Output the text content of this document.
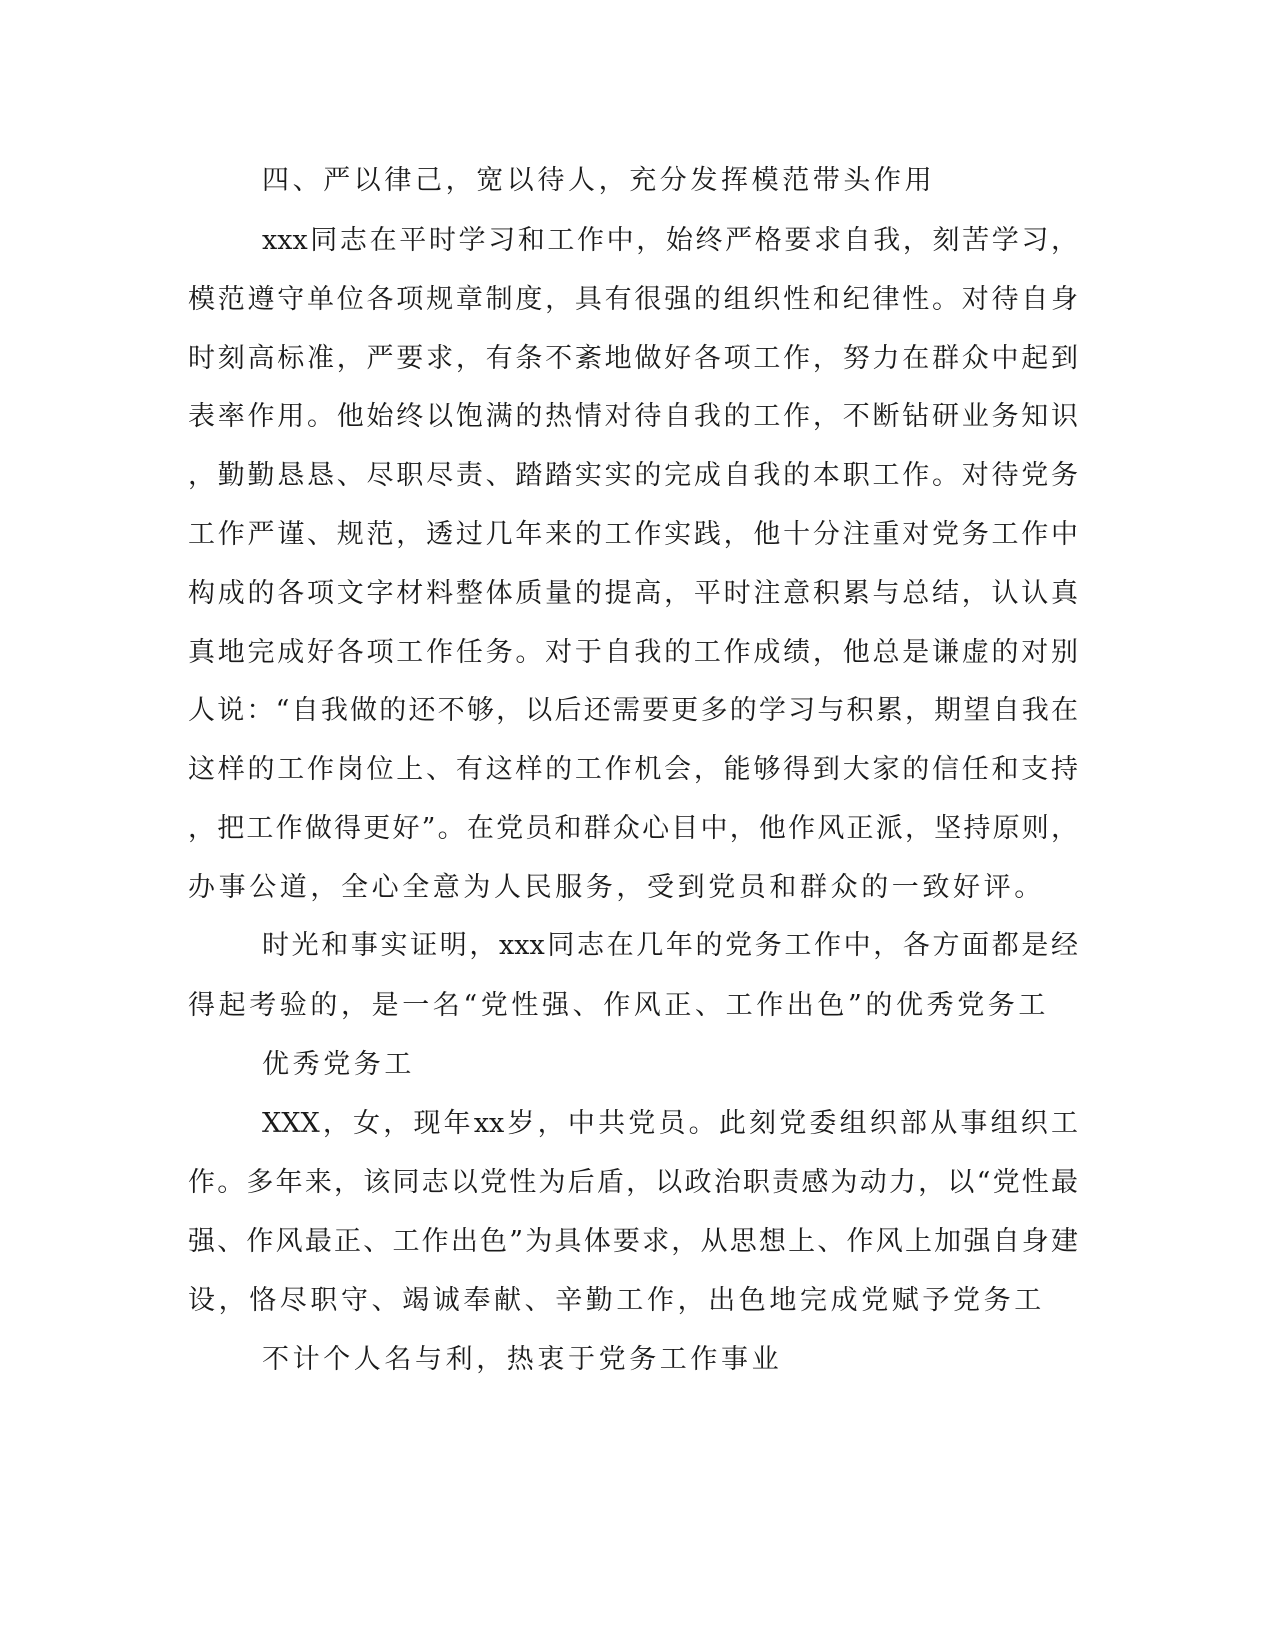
四、严以律己，宽以待人，充分发挥模范带头作用
xxx同志在平时学习和工作中，始终严格要求自我，刻苦学习，
模范遵守单位各项规章制度，具有很强的组织性和纪律性。对待自身
时刻高标准，严要求，有条不紊地做好各项工作，努力在群众中起到
表率作用。他始终以饱满的热情对待自我的工作，不断钻研业务知识
，勤勤恳恳、尽职尽责、踏踏实实的完成自我的本职工作。对待党务
工作严谨、规范，透过几年来的工作实践，他十分注重对党务工作中
构成的各项文字材料整体质量的提高，平时注意积累与总结，认认真
真地完成好各项工作任务。对于自我的工作成绩，他总是谦虚的对别
人说：“自我做的还不够，以后还需要更多的学习与积累，期望自我在
这样的工作岗位上、有这样的工作机会，能够得到大家的信任和支持
，把工作做得更好”。在党员和群众心目中，他作风正派，坚持原则，
办事公道，全心全意为人民服务，受到党员和群众的一致好评。
时光和事实证明，xxx同志在几年的党务工作中，各方面都是经
得起考验的，是一名“党性强、作风正、工作出色”的优秀党务工
优秀党务工
XXX，女，现年xx岁，中共党员。此刻党委组织部从事组织工
作。多年来，该同志以党性为后盾，以政治职责感为动力，以“党性最
强、作风最正、工作出色”为具体要求，从思想上、作风上加强自身建
设，恪尽职守、竭诚奉献、辛勤工作，出色地完成党赋予党务工
不计个人名与利，热衷于党务工作事业
